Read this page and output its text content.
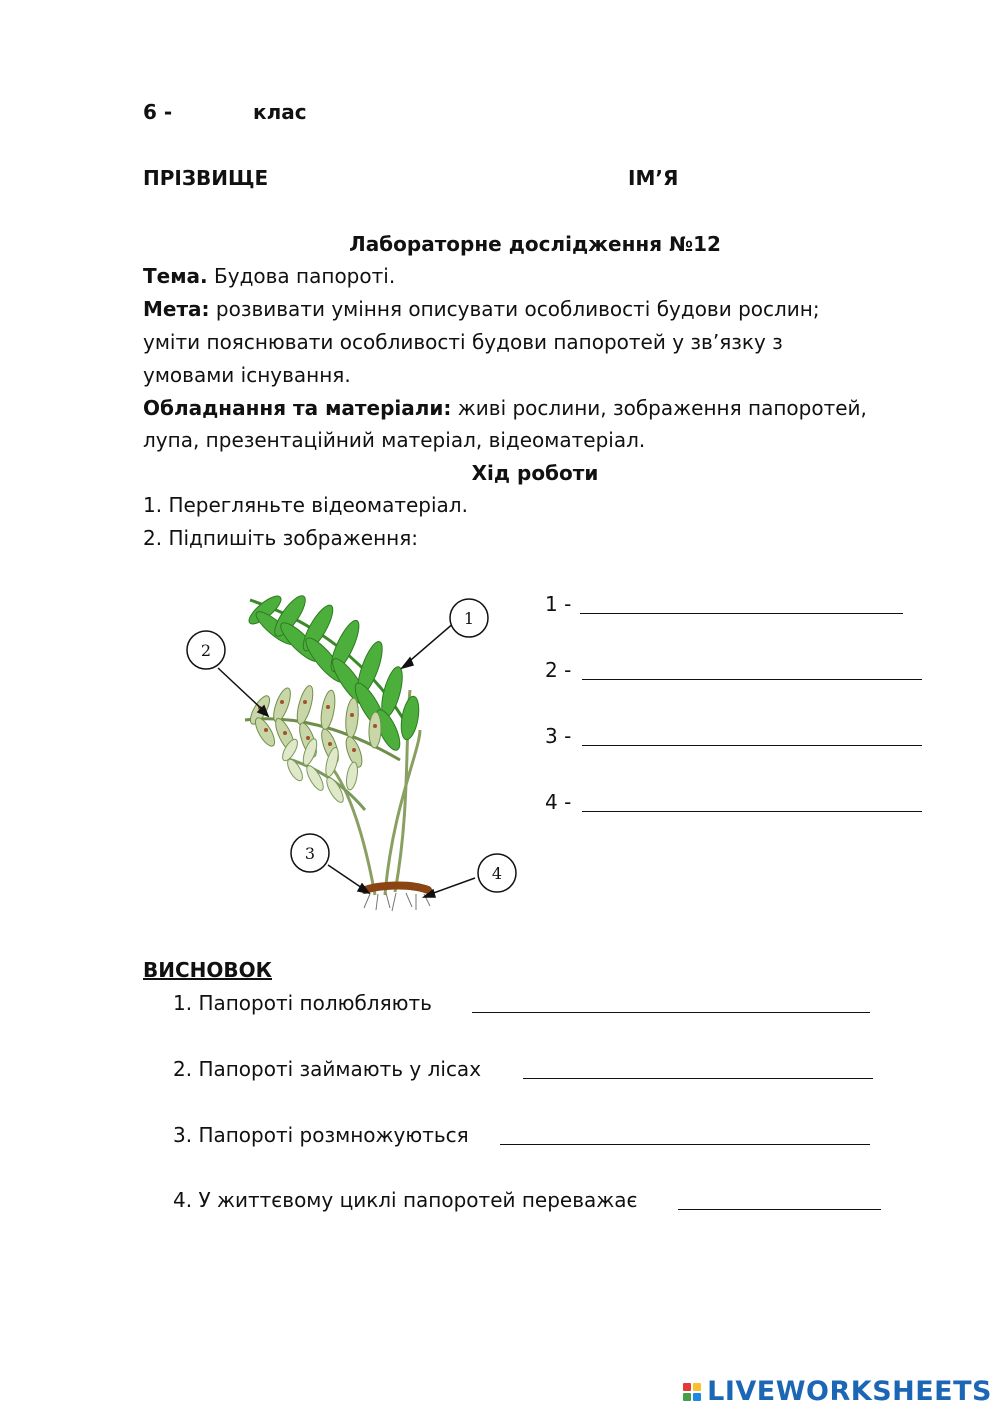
6 -	клас
ПРІЗВИЩЕ	ІМ’Я
Лабораторне дослідження №12
Тема. Будова папороті.
Мета: розвивати уміння описувати особливості будови рослин;
уміти пояснювати особливості будови папоротей у зв’язку з
умовами існування.
Обладнання та матеріали: живі рослини, зображення папоротей,
лупа, презентаційний матеріал, відеоматеріал.
Хід роботи
1. Перегляньте відеоматеріал.
2. Підпишіть зображення:
1
2
3
4
1 -
2 -
3 -
4 -
ВИСНОВОК
1. Папороті полюбляють
2. Папороті займають у лісах
3. Папороті розмножуються
4. У життєвому циклі папоротей переважає
LIVEWORKSHEETS
